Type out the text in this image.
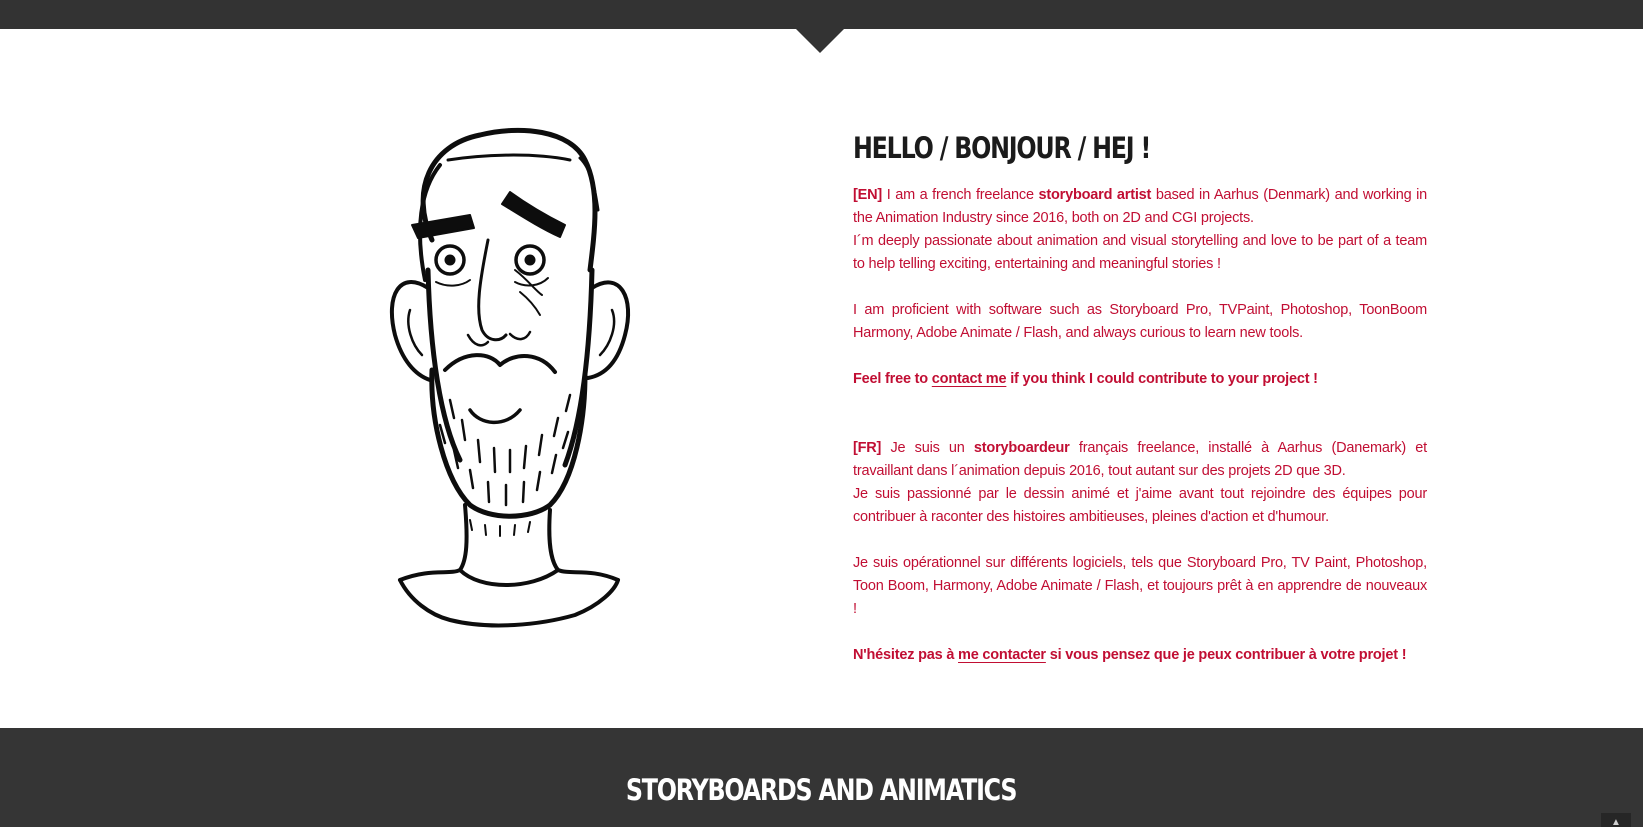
HELLO / BONJOUR / HEJ !

[EN] I am a french freelance storyboard artist based in Aarhus (Denmark) and working in the Animation Industry since 2016, both on 2D and CGI projects.

I´m deeply passionate about animation and visual storytelling and love to be part of a team to help telling exciting, entertaining and meaningful stories !

I am proficient with software such as Storyboard Pro, TVPaint, Photoshop, ToonBoom Harmony, Adobe Animate / Flash, and always curious to learn new tools.

Feel free to contact me if you think I could contribute to your project !

[FR] Je suis un storyboardeur français freelance, installé à Aarhus (Danemark) et travaillant dans l´animation depuis 2016, tout autant sur des projets 2D que 3D.

Je suis passionné par le dessin animé et j'aime avant tout rejoindre des équipes pour contribuer à raconter des histoires ambitieuses, pleines d'action et d'humour.

Je suis opérationnel sur différents logiciels, tels que Storyboard Pro, TV Paint, Photoshop, Toon Boom, Harmony, Adobe Animate / Flash, et toujours prêt à en apprendre de nouveaux !

N'hésitez pas à me contacter si vous pensez que je peux contribuer à votre projet !

STORYBOARDS AND ANIMATICS
▲
